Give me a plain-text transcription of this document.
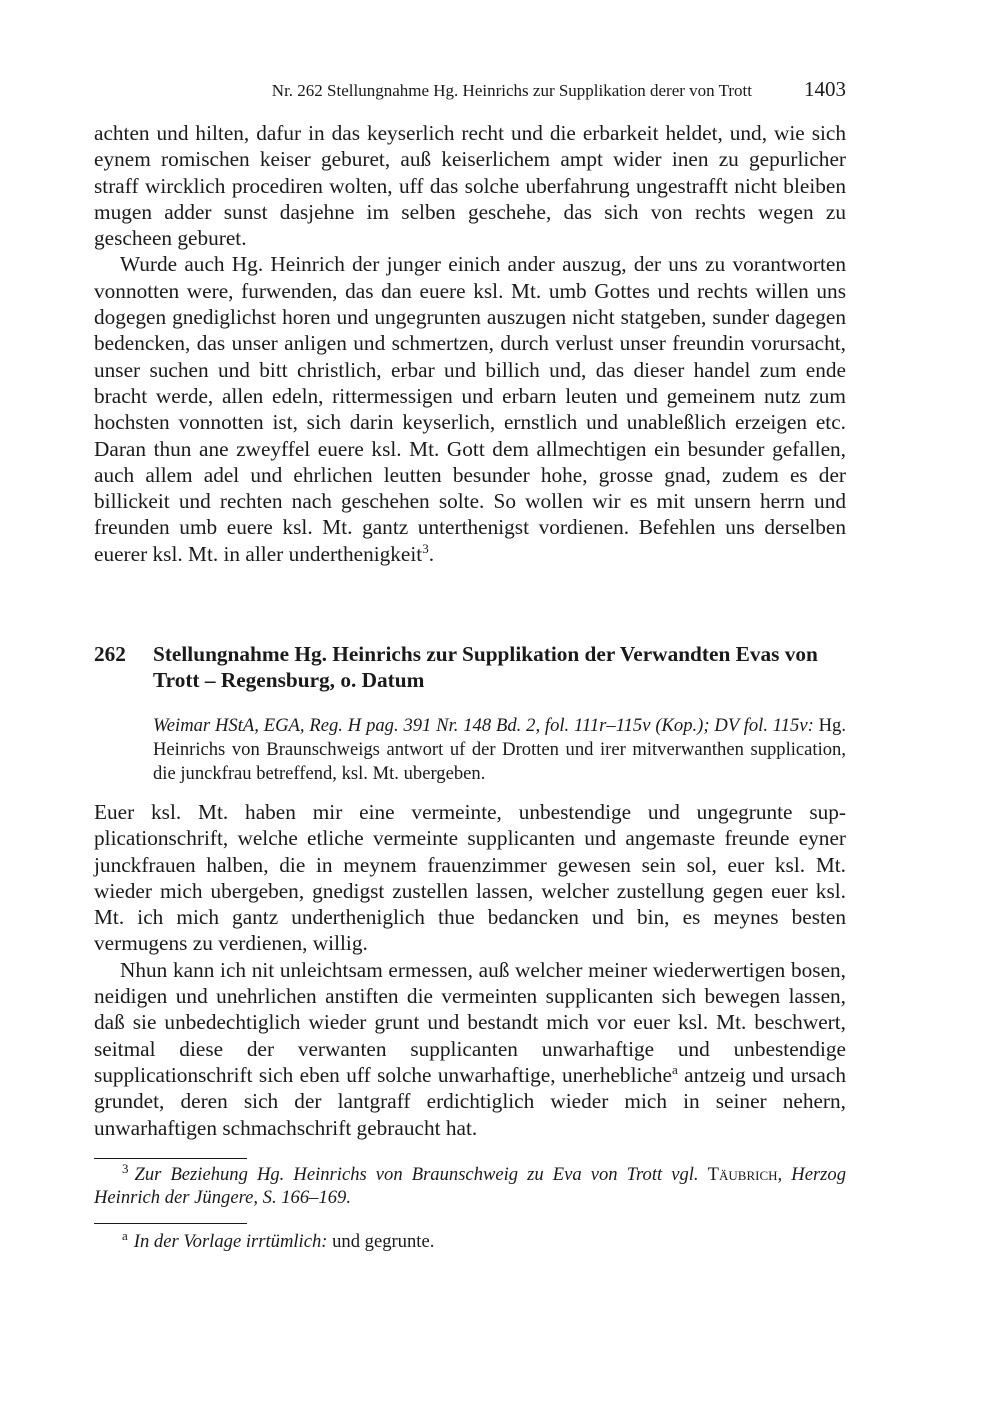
Nr. 262 Stellungnahme Hg. Heinrichs zur Supplikation derer von Trott 1403

achten und hilten, dafur in das keyserlich recht und die erbarkeit heldet, und, wie sich eynem romischen keiser geburet, auß keiserlichem ampt wider inen zu gepurlicher straff wircklich procediren wolten, uff das solche uberfahrung ungestrafft nicht bleiben mugen adder sunst dasjehne im selben geschehe, das sich von rechts wegen zu gescheen geburet.

Wurde auch Hg. Heinrich der junger einich ander auszug, der uns zu vorantworten vonnotten were, furwenden, das dan euere ksl. Mt. umb Gottes und rechts willen uns dogegen gnediglichst horen und ungegrunten auszugen nicht statgeben, sunder dagegen bedencken, das unser anligen und schmertzen, durch verlust unser freundin vorursacht, unser suchen und bitt christlich, erbar und billich und, das dieser handel zum ende bracht werde, allen edeln, rittermessigen und erbarn leuten und gemeinem nutz zum hochsten vonnotten ist, sich darin keyserlich, ernstlich und unableßlich erzeigen etc. Daran thun ane zweyffel euere ksl. Mt. Gott dem allmechtigen ein besunder gefallen, auch allem adel und ehrlichen leutten besunder hohe, grosse gnad, zudem es der billickeit und rechten nach geschehen solte. So wollen wir es mit unsern herrn und freunden umb euere ksl. Mt. gantz unterthenigst vordienen. Befehlen uns derselben euerer ksl. Mt. in aller underthenigkeit$^3$.

262	Stellungnahme Hg. Heinrichs zur Supplikation der Verwandten Evas von Trott – Regensburg, o. Datum
Weimar HStA, EGA, Reg. H pag. 391 Nr. 148 Bd. 2, fol. 111r–115v (Kop.); DV fol. 115v: Hg. Heinrichs von Braunschweigs antwort uf der Drotten und irer mitverwanthen supplication, die junckfrau betreffend, ksl. Mt. ubergeben.

Euer ksl. Mt. haben mir eine vermeinte, unbestendige und ungegrunte supplicationschrift, welche etliche vermeinte supplicanten und angemaste freunde eyner junckfrauen halben, die in meynem frauenzimmer gewesen sein sol, euer ksl. Mt. wieder mich ubergeben, gnedigst zustellen lassen, welcher zustellung gegen euer ksl. Mt. ich mich gantz undertheniglich thue bedancken und bin, es meynes besten vermugens zu verdienen, willig.

Nhun kann ich nit unleichtsam ermessen, auß welcher meiner wiederwertigen bosen, neidigen und unehrlichen anstiften die vermeinten supplicanten sich bewegen lassen, daß sie unbedechtiglich wieder grunt und bestandt mich vor euer ksl. Mt. beschwert, seitmal diese der verwanten supplicanten unwarhaftige und unbestendige supplicationschrift sich eben uff solche unwarhaftige, unerhebliche$^a$ antzeig und ursach grundet, deren sich der lantgraff erdichtiglich wieder mich in seiner nehern, unwarhaftigen schmachschrift gebraucht hat.

$^3$ Zur Beziehung Hg. Heinrichs von Braunschweig zu Eva von Trott vgl. Täubrich, Herzog Heinrich der Jüngere, S. 166–169.
$^a$ In der Vorlage irrtümlich: und gegrunte.
